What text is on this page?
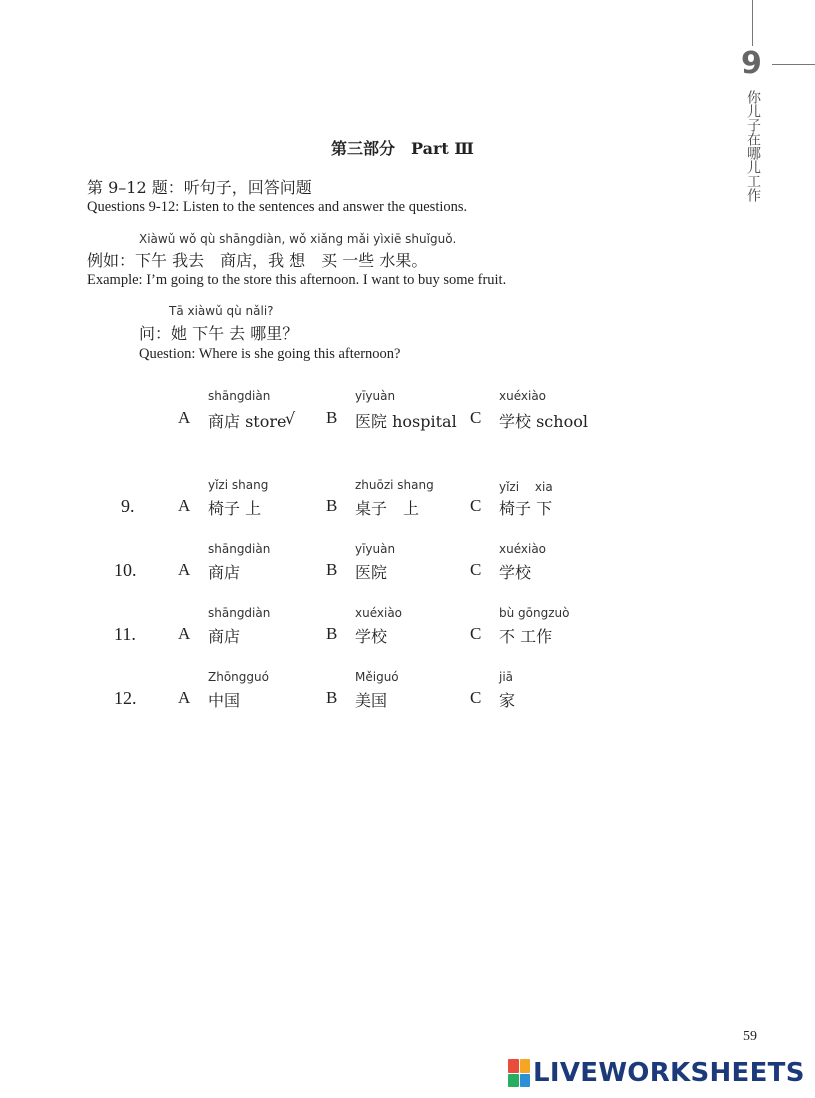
9
你儿子在哪儿工作
第三部分　Part Ⅲ
第 9–12 题：听句子，回答问题
Questions 9-12: Listen to the sentences and answer the questions.
Xiàwǔ wǒ qù shāngdiàn, wǒ xiǎng mǎi yìxiē shuǐguǒ.
例如：下午 我去　商店，我 想　买 一些 水果。
Example: I’m going to the store this afternoon. I want to buy some fruit.
Tā xiàwǔ qù nǎli?
问：她 下午 去 哪里？
Question: Where is she going this afternoon?
shāngdiàn
A 商店 store
√
yīyuàn
B 医院 hospital
xuéxiào
C 学校 school
9.
yǐzi shang
A 椅子 上
zhuōzi shang
B 桌子　上
yǐzi　 xia
C 椅子 下
10.
shāngdiàn
A 商店
yīyuàn
B 医院
xuéxiào
C 学校
11.
shāngdiàn
A 商店
xuéxiào
B 学校
bù gōngzuò
C 不 工作
12.
Zhōngguó
A 中国
Měiguó
B 美国
jiā
C 家
59
LIVEWORKSHEETS
